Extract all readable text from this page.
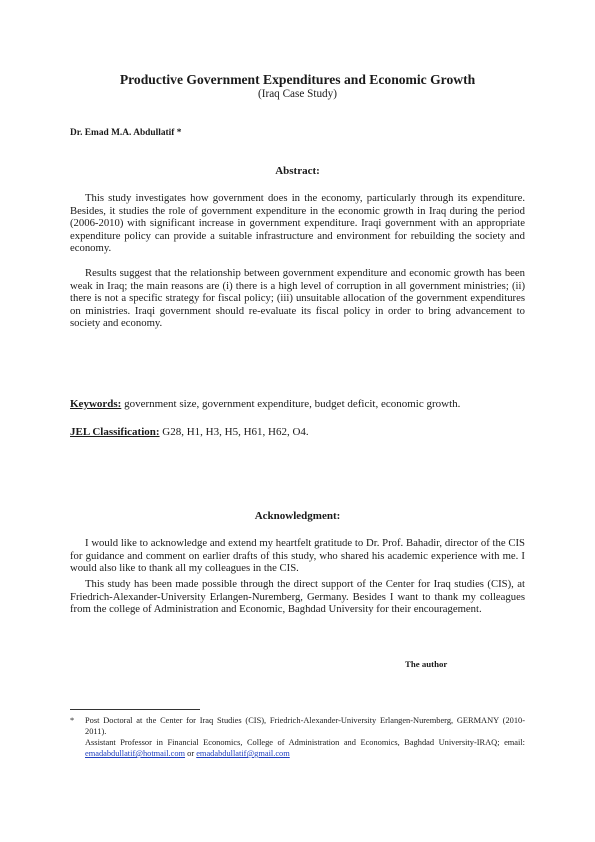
Productive Government Expenditures and Economic Growth
(Iraq Case Study)
Dr. Emad M.A. Abdullatif *
Abstract:

This study investigates how government does in the economy, particularly through its expenditure. Besides, it studies the role of government expenditure in the economic growth in Iraq during the period (2006-2010) with significant increase in government expenditure. Iraqi government with an appropriate expenditure policy can provide a suitable infrastructure and environment for rebuilding the society and economy.

Results suggest that the relationship between government expenditure and economic growth has been weak in Iraq; the main reasons are (i) there is a high level of corruption in all government ministries; (ii) there is not a specific strategy for fiscal policy; (iii) unsuitable allocation of the government expenditures on ministries. Iraqi government should re-evaluate its fiscal policy in order to bring advancement to society and economy.

Keywords: government size, government expenditure, budget deficit, economic growth.
JEL Classification: G28, H1, H3, H5, H61, H62, O4.
Acknowledgment:

I would like to acknowledge and extend my heartfelt gratitude to Dr. Prof. Bahadir, director of the CIS for guidance and comment on earlier drafts of this study, who shared his academic experience with me. I would also like to thank all my colleagues in the CIS.

This study has been made possible through the direct support of the Center for Iraq studies (CIS), at Friedrich-Alexander-University Erlangen-Nuremberg, Germany. Besides I want to thank my colleagues from the college of Administration and Economic, Baghdad University for their encouragement.

The author
* Post Doctoral at the Center for Iraq Studies (CIS), Friedrich-Alexander-University Erlangen-Nuremberg, GERMANY (2010-2011).
Assistant Professor in Financial Economics, College of Administration and Economics, Baghdad University-IRAQ; email: emadabdullatif@hotmail.com or emadabdullatif@gmail.com
